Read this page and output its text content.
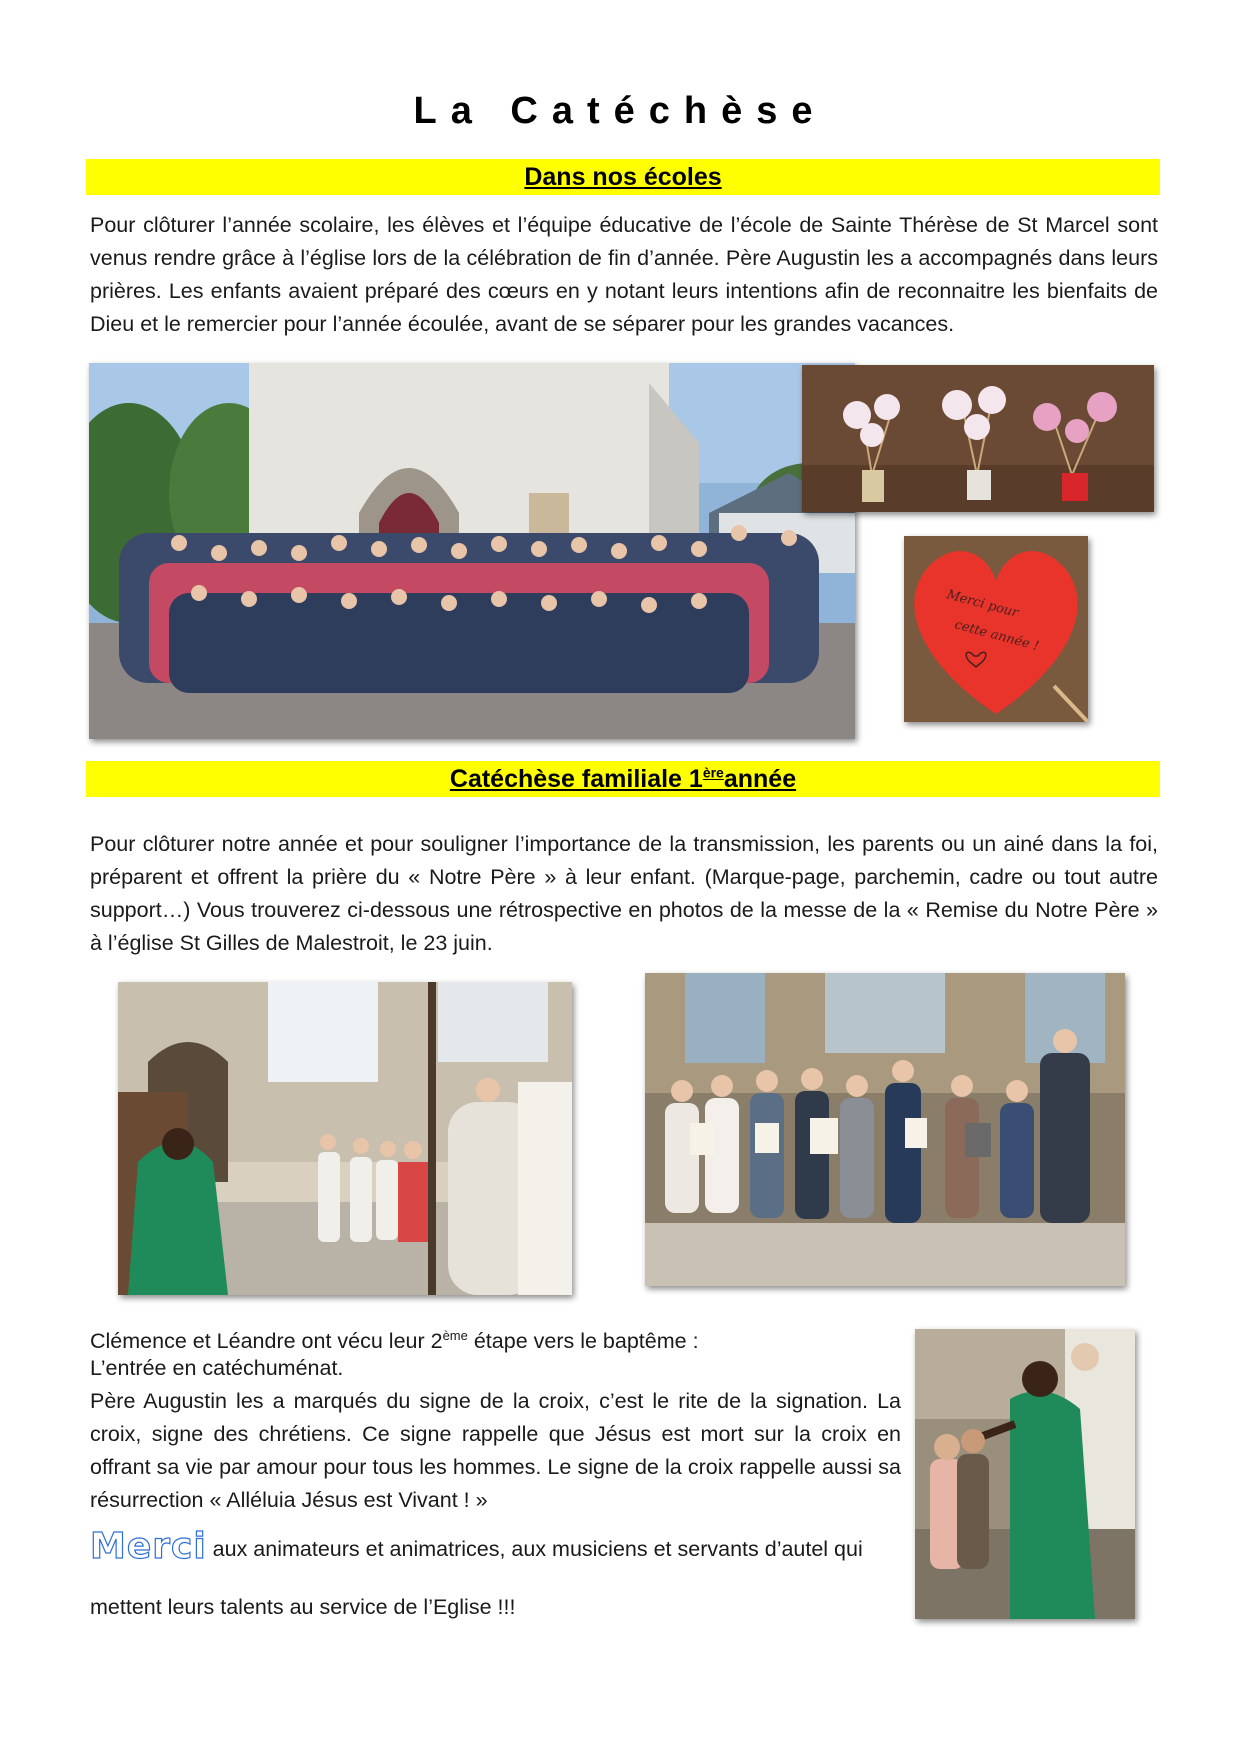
La Catéchèse
Dans nos écoles
Pour clôturer l’année scolaire, les élèves et l’équipe éducative de l’école de Sainte Thérèse de St Marcel sont venus rendre grâce à l’église lors de la célébration de fin d’année. Père Augustin les a accompagnés dans leurs prières. Les enfants avaient préparé des cœurs en y notant leurs intentions afin de reconnaitre les bienfaits de Dieu et le remercier pour l’année écoulée, avant de se séparer pour les grandes vacances.
Merci pour
cette année !
Catéchèse familiale 1èreannée
Pour clôturer notre année et pour souligner l’importance de la transmission, les parents ou un ainé dans la foi, préparent et offrent la prière du « Notre Père » à leur enfant. (Marque-page, parchemin, cadre ou tout autre support…) Vous trouverez ci-dessous une rétrospective en photos de la messe de la « Remise du Notre Père » à l’église St Gilles de Malestroit, le 23 juin.
Clémence et Léandre ont vécu leur 2ème étape vers le baptême :
L’entrée en catéchuménat.
Père Augustin les a marqués du signe de la croix, c’est le rite de la signation. La croix, signe des chrétiens. Ce signe rappelle que Jésus est mort sur la croix en offrant sa vie par amour pour tous les hommes. Le signe de la croix rappelle aussi sa résurrection « Alléluia Jésus est Vivant ! »
Merci aux animateurs et animatrices, aux musiciens et servants d’autel qui
mettent leurs talents au service de l’Eglise !!!
